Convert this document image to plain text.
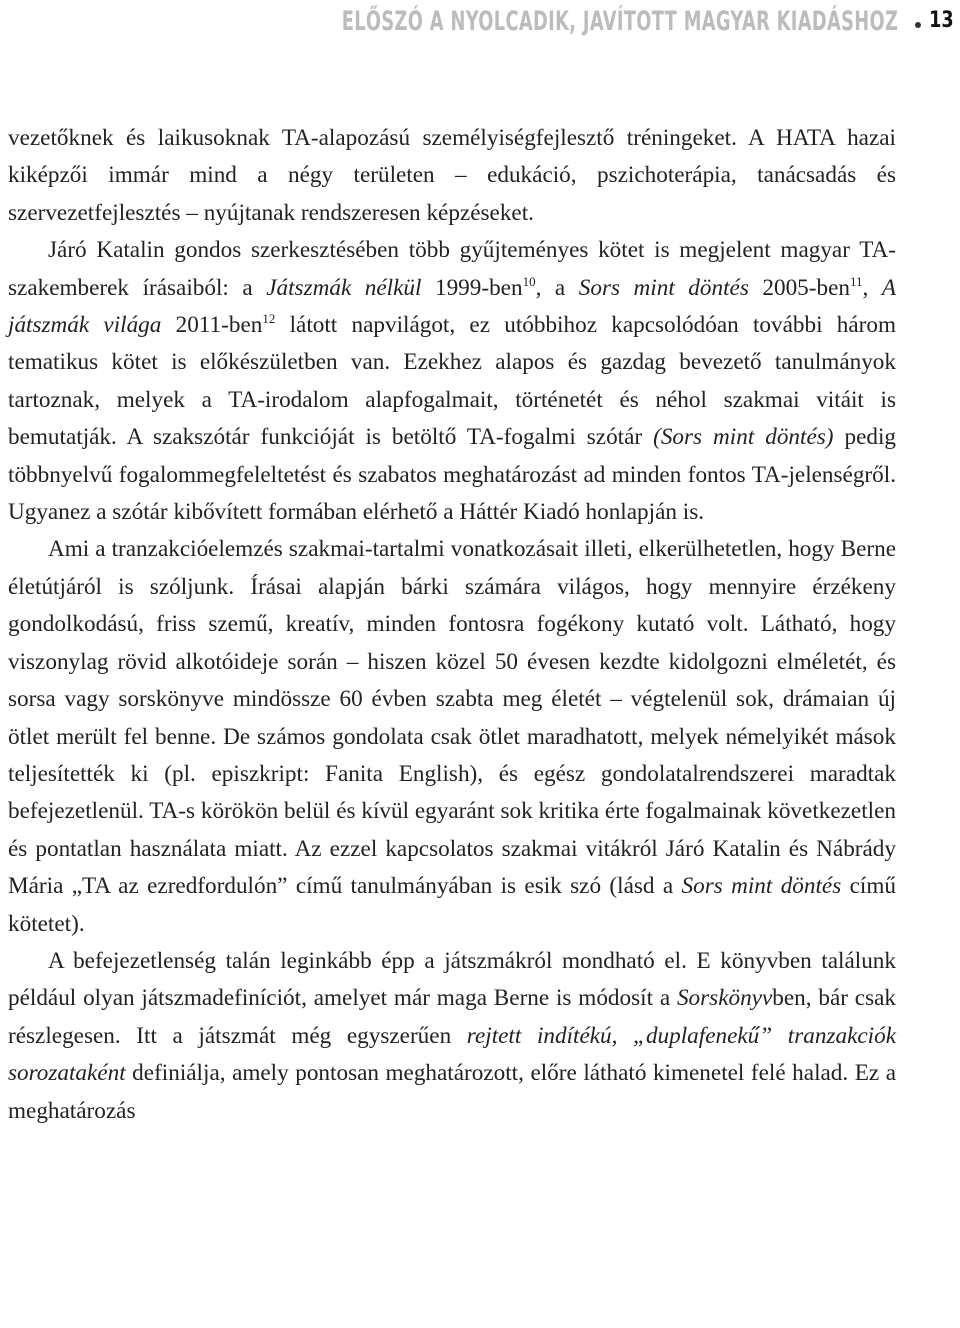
ELŐSZÓ A NYOLCADIK, JAVÍTOTT MAGYAR KIADÁSHOZ 13

vezetőknek és laikusoknak TA-alapozású személyiségfejlesztő tréningeket. A HATA hazai kiképzői immár mind a négy területen – edukáció, pszichoterápia, tanácsadás és szervezetfejlesztés – nyújtanak rendszeresen képzéseket.
Járó Katalin gondos szerkesztésében több gyűjteményes kötet is megjelent magyar TA-szakemberek írásaiból: a Játszmák nélkül 1999-ben$^{10}$, a Sors mint döntés 2005-ben$^{11}$, A játszmák világa 2011-ben$^{12}$ látott napvilágot, ez utóbbihoz kapcsolódóan további három tematikus kötet is előkészületben van. Ezekhez alapos és gazdag bevezető tanulmányok tartoznak, melyek a TA-​irodalom alapfogalmait, történetét és néhol szakmai vitáit is bemutatják. A szakszótár funkcióját is betöltő TA-fogalmi szótár (Sors mint döntés) pedig többnyelvű fogalommegfeleltetést és szabatos meghatározást ad minden fontos TA-jelenségről. Ugyanez a szótár kibővített formában elérhető a Háttér Kiadó honlapján is.

Ami a tranzakcióelemzés szakmai-tartalmi vonatkozásait illeti, elkerülhetetlen, hogy Berne életútjáról is szóljunk. Írásai alapján bárki számára világos, hogy mennyire érzékeny gondolkodású, friss szemű, kreatív, minden fontosra fogékony kutató volt. Látható, hogy viszonylag rövid alkotóideje során – hiszen közel 50 évesen kezdte kidolgozni elméletét, és sorsa vagy sorskönyve mindössze 60 évben szabta meg életét – végtelenül sok, drámaian új ötlet merült fel benne. De számos gondolata csak ötlet maradhatott, melyek némelyikét mások teljesítették ki (pl. episzkript: Fanita English), és egész gondolatalrendszerei maradtak befejezetlenül. TA-s körökön belül és kívül egyaránt sok kritika érte fogalmainak következetlen és pontatlan használata miatt. Az ezzel kapcsolatos szakmai vitákról Járó Katalin és Nábrády Mária „TA az ezredfordulón” című tanulmányában is esik szó (lásd a Sors mint döntés című kötetet).

A befejezetlenség talán leginkább épp a játszmákról mondható el. E könyvben találunk például olyan játszmadefiníciót, amelyet már maga Berne is módosít a Sorskönyvben, bár csak részlegesen. Itt a játszmát még egyszerűen rejtett indítékú, „duplafenekű” tranzakciók sorozataként definiálja, amely pontosan meghatározott, előre látható kimenetel felé halad. Ez a meghatározás
